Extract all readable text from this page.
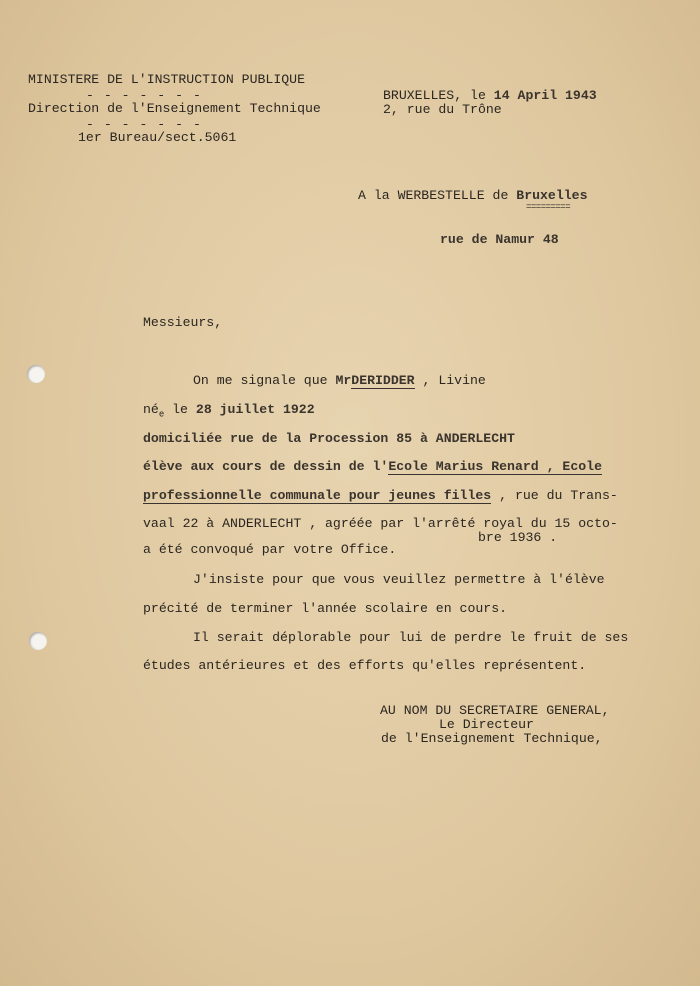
MINISTERE DE L'INSTRUCTION PUBLIQUE
- - - - - - -
Direction de l'Enseignement Technique
- - - - - - -
1er Bureau/sect.5061
BRUXELLES, le 14 April 1943
2, rue du Trône
A la WERBESTELLE de Bruxelles
=========
rue de Namur 48
Messieurs,
On me signale que MrDERIDDER , Livine
$né_e$ le 28 juillet 1922
domiciliée rue de la Procession 85 à ANDERLECHT
élève aux cours de dessin de l'Ecole Marius Renard , Ecole
professionnelle communale pour jeunes filles , rue du Trans-
vaal 22 à ANDERLECHT , agréée par l'arrêté royal du 15 octo-
bre 1936 .
a été convoqué par votre Office.
J'insiste pour que vous veuillez permettre à l'élève
précité de terminer l'année scolaire en cours.
Il serait déplorable pour lui de perdre le fruit de ses
études antérieures et des efforts qu'elles représentent.
AU NOM DU SECRETAIRE GENERAL,
Le Directeur
de l'Enseignement Technique,
